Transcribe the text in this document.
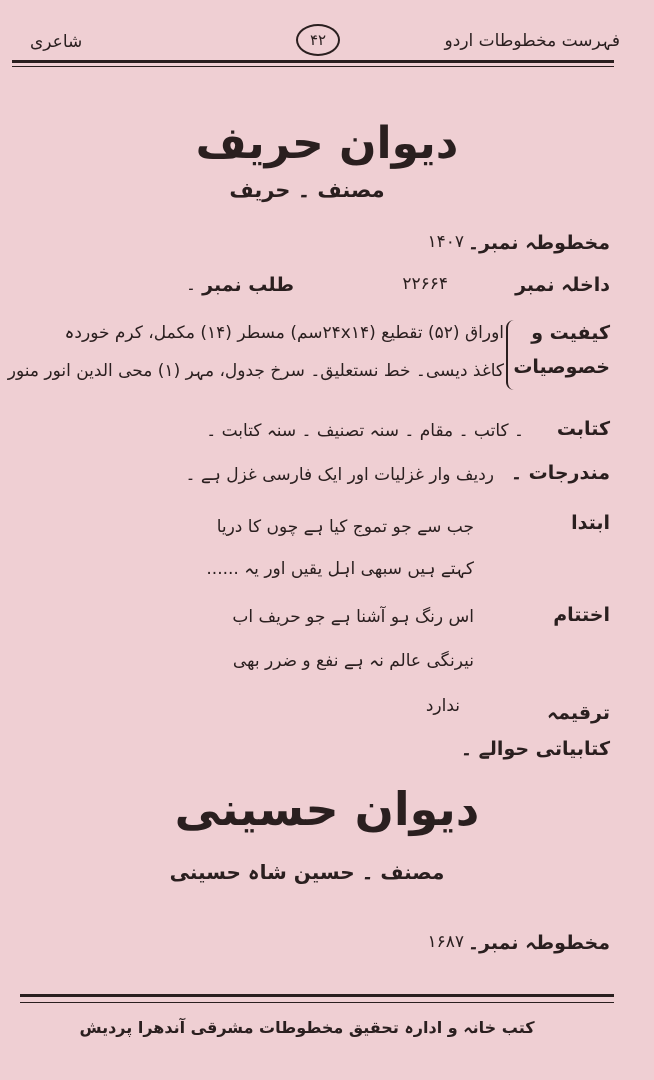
فہرست مخطوطات اردو
۴۲
شاعری
دیوان حریف
مصنف ۔ حریف
مخطوطہ نمبر۔
۱۴۰۷
داخلہ نمبر
۲۲۶۶۴
طلب نمبر
۔
کیفیت و
خصوصیات
اوراق (۵۲) تقطیع (۲۴x۱۴سم) مسطر (۱۴) مکمل، کرم خوردہ
کاغذ دیسی۔ خط نستعلیق۔ سرخ جدول، مہر (۱) محی الدین انور منور
کتابت
۔ کاتب ۔ مقام ۔ سنہ تصنیف ۔ سنہ کتابت ۔
مندرجات ۔
ردیف وار غزلیات اور ایک فارسی غزل ہے ۔
ابتدا
جب سے جو تموج کیا ہے چوں کا دریا
کہتے ہیں سبھی اہل یقیں اور یہ ......
اختتام
اس رنگ ہو آشنا ہے جو حریف اب
نیرنگی عالم نہ ہے نفع و ضرر بھی
ترقیمہ
ندارد
کتابیاتی حوالے ۔
دیوان حسینی
مصنف ۔ حسین شاہ حسینی
مخطوطہ نمبر۔
۱۶۸۷
کتب خانہ و ادارہ تحقیق مخطوطات مشرقی آندھرا پردیش
